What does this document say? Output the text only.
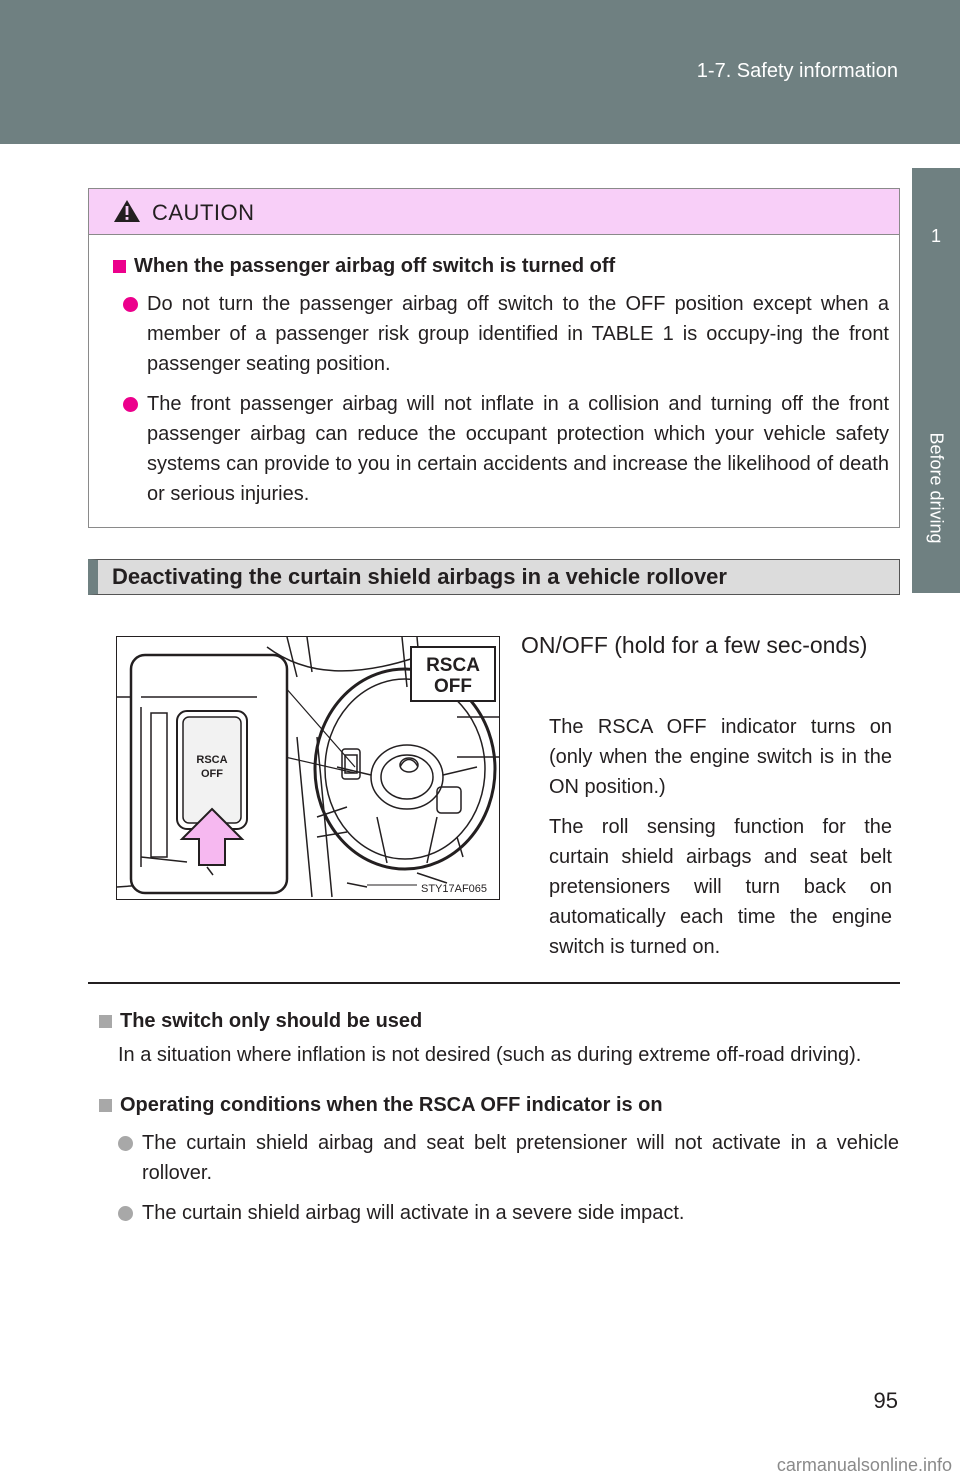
1-7. Safety information
1
Before driving
CAUTION
When the passenger airbag off switch is turned off
Do not turn the passenger airbag off switch to the OFF position except when a member of a passenger risk group identified in TABLE 1 is occupy-ing the front passenger seating position.
The front passenger airbag will not inflate in a collision and turning off the front passenger airbag can reduce the occupant protection which your vehicle safety systems can provide to you in certain accidents and increase the likelihood of death or serious injuries.
Deactivating the curtain shield airbags in a vehicle rollover
RSCA
OFF
RSCA
OFF
STY17AF065
ON/OFF (hold for a few sec-onds)
The RSCA OFF indicator turns on (only when the engine switch is in the ON position.)
The roll sensing function for the curtain shield airbags and seat belt pretensioners will turn back on automatically each time the engine switch is turned on.
The switch only should be used
In a situation where inflation is not desired (such as during extreme off-road driving).
Operating conditions when the RSCA OFF indicator is on
The curtain shield airbag and seat belt pretensioner will not activate in a vehicle rollover.
The curtain shield airbag will activate in a severe side impact.
95
carmanualsonline.info
